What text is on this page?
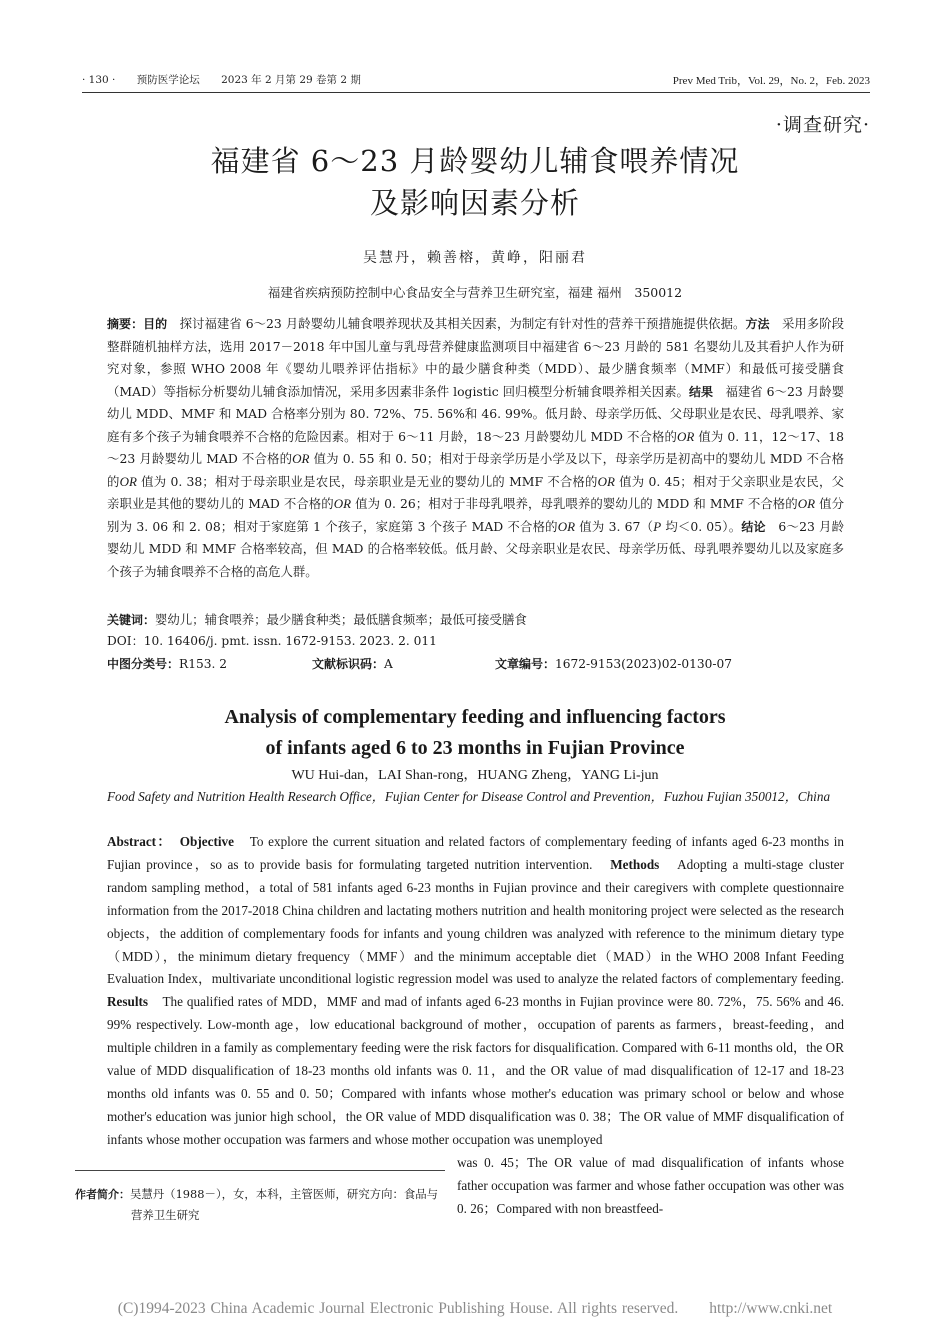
· 130 · 预防医学论坛 2023 年 2 月第 29 卷第 2 期	Prev Med Trib，Vol. 29，No. 2，Feb. 2023
·调查研究·
福建省 6～23 月龄婴幼儿辅食喂养情况
及影响因素分析
吴慧丹，赖善榕，黄峥，阳丽君
福建省疾病预防控制中心食品安全与营养卫生研究室，福建 福州　350012
摘要：目的　 探讨福建省 6～23 月龄婴幼儿辅食喂养现状及其相关因素，为制定有针对性的营养干预措施提供依据。方法　 采用多阶段整群随机抽样方法，选用 2017－2018 年中国儿童与乳母营养健康监测项目中福建省 6～23 月龄的 581 名婴幼儿及其看护人作为研究对象，参照 WHO 2008 年《婴幼儿喂养评估指标》中的最少膳食种类（MDD）、最少膳食频率（MMF）和最低可接受膳食（MAD）等指标分析婴幼儿辅食添加情况，采用多因素非条件 logistic 回归模型分析辅食喂养相关因素。结果　 福建省 6～23 月龄婴幼儿 MDD、MMF 和 MAD 合格率分别为 80. 72%、75. 56%和 46. 99%。低月龄、母亲学历低、父母职业是农民、母乳喂养、家庭有多个孩子为辅食喂养不合格的危险因素。相对于 6～11 月龄，18～23 月龄婴幼儿 MDD 不合格的OR 值为 0. 11，12～17、18～23 月龄婴幼儿 MAD 不合格的OR 值为 0. 55 和 0. 50；相对于母亲学历是小学及以下，母亲学历是初高中的婴幼儿 MDD 不合格的OR 值为 0. 38；相对于母亲职业是农民，母亲职业是无业的婴幼儿的 MMF 不合格的OR 值为 0. 45；相对于父亲职业是农民，父亲职业是其他的婴幼儿的 MAD 不合格的OR 值为 0. 26；相对于非母乳喂养，母乳喂养的婴幼儿的 MDD 和 MMF 不合格的OR 值分别为 3. 06 和 2. 08；相对于家庭第 1 个孩子，家庭第 3 个孩子 MAD 不合格的OR 值为 3. 67（P 均＜0. 05）。结论　 6～23 月龄婴幼儿 MDD 和 MMF 合格率较高，但 MAD 的合格率较低。低月龄、父母亲职业是农民、母亲学历低、母乳喂养婴幼儿以及家庭多个孩子为辅食喂养不合格的高危人群。
关键词：婴幼儿；辅食喂养；最少膳食种类；最低膳食频率；最低可接受膳食
DOI：10. 16406/j. pmt. issn. 1672-9153. 2023. 2. 011
中图分类号：R153. 2	文献标识码：A	文章编号：1672-9153(2023)02-0130-07
Analysis of complementary feeding and influencing factors
of infants aged 6 to 23 months in Fujian Province
WU Hui-dan，LAI Shan-rong，HUANG Zheng，YANG Li-jun
Food Safety and Nutrition Health Research Office，Fujian Center for Disease Control and Prevention，Fuzhou Fujian 350012，China
Abstract：　 Objective　 To explore the current situation and related factors of complementary feeding of infants aged 6-23 months in Fujian province，so as to provide basis for formulating targeted nutrition intervention.　 Methods　 Adopting a multi-stage cluster random sampling method，a total of 581 infants aged 6-23 months in Fujian province and their caregivers with complete questionnaire information from the 2017-2018 China children and lactating mothers nutrition and health monitoring project were selected as the research objects，the addition of complementary foods for infants and young children was analyzed with reference to the minimum dietary type（MDD），the minimum dietary frequency（MMF）and the minimum acceptable diet（MAD）in the WHO 2008 Infant Feeding Evaluation Index，multivariate unconditional logistic regression model was used to analyze the related factors of complementary feeding.　Results　 The qualified rates of MDD，MMF and mad of infants aged 6-23 months in Fujian province were 80. 72%，75. 56% and 46. 99% respectively. Low-month age，low educational background of mother，occupation of parents as farmers，breast-feeding，and multiple children in a family as complementary feeding were the risk factors for disqualification. Compared with 6-11 months old，the OR value of MDD disqualification of 18-23 months old infants was 0. 11，and the OR value of mad disqualification of 12-17 and 18-23 months old infants was 0. 55 and 0. 50；Compared with infants whose mother's education was primary school or below and whose mother's education was junior high school，the OR value of MDD disqualification was 0. 38；The OR value of MMF disqualification of infants whose mother occupation was farmers and whose mother occupation was unemployed
was 0. 45；The OR value of mad disqualification of infants whose father occupation was farmer and whose father occupation was other was 0. 26；Compared with non breastfeed-
作者简介：吴慧丹（1988－），女，本科，主管医师，研究方向：食品与
营养卫生研究
(C)1994-2023 China Academic Journal Electronic Publishing House. All rights reserved.　　http://www.cnki.net
